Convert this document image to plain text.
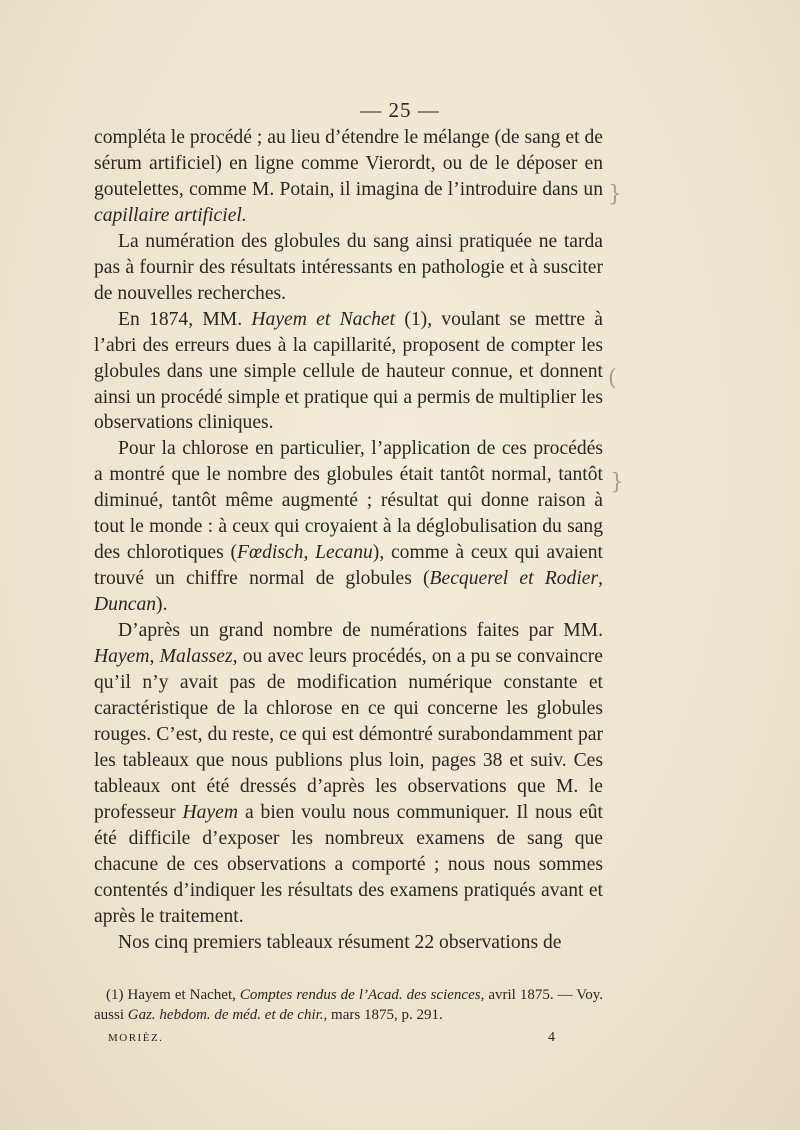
— 25 —

compléta le procédé ; au lieu d’étendre le mélange (de sang et de sérum artificiel) en ligne comme Vierordt, ou de le déposer en goutelettes, comme M. Potain, il imagina de l’introduire dans un capillaire artificiel.

La numération des globules du sang ainsi pratiquée ne tarda pas à fournir des résultats intéressants en pathologie et à susciter de nouvelles recherches.

En 1874, MM. Hayem et Nachet (1), voulant se mettre à l’abri des erreurs dues à la capillarité, proposent de compter les globules dans une simple cellule de hauteur connue, et donnent ainsi un procédé simple et pratique qui a permis de multiplier les observations cliniques.

Pour la chlorose en particulier, l’application de ces procédés a montré que le nombre des globules était tantôt normal, tantôt diminué, tantôt même augmenté ; résultat qui donne raison à tout le monde : à ceux qui croyaient à la déglobulisation du sang des chlorotiques (Fœdisch, Lecanu), comme à ceux qui avaient trouvé un chiffre normal de globules (Becquerel et Rodier, Duncan).

D’après un grand nombre de numérations faites par MM. Hayem, Malassez, ou avec leurs procédés, on a pu se convaincre qu’il n’y avait pas de modification numérique constante et caractéristique de la chlorose en ce qui concerne les globules rouges. C’est, du reste, ce qui est démontré surabondamment par les tableaux que nous publions plus loin, pages 38 et suiv. Ces tableaux ont été dressés d’après les observations que M. le professeur Hayem a bien voulu nous communiquer. Il nous eût été difficile d’exposer les nombreux examens de sang que chacune de ces observations a comporté ; nous nous sommes contentés d’indiquer les résultats des examens pratiqués avant et après le traitement.

Nos cinq premiers tableaux résument 22 observations de

(1) Hayem et Nachet, Comptes rendus de l’Acad. des sciences, avril 1875. — Voy. aussi Gaz. hebdom. de méd. et de chir., mars 1875, p. 291.

MORIÈZ.	4
}
(
}
